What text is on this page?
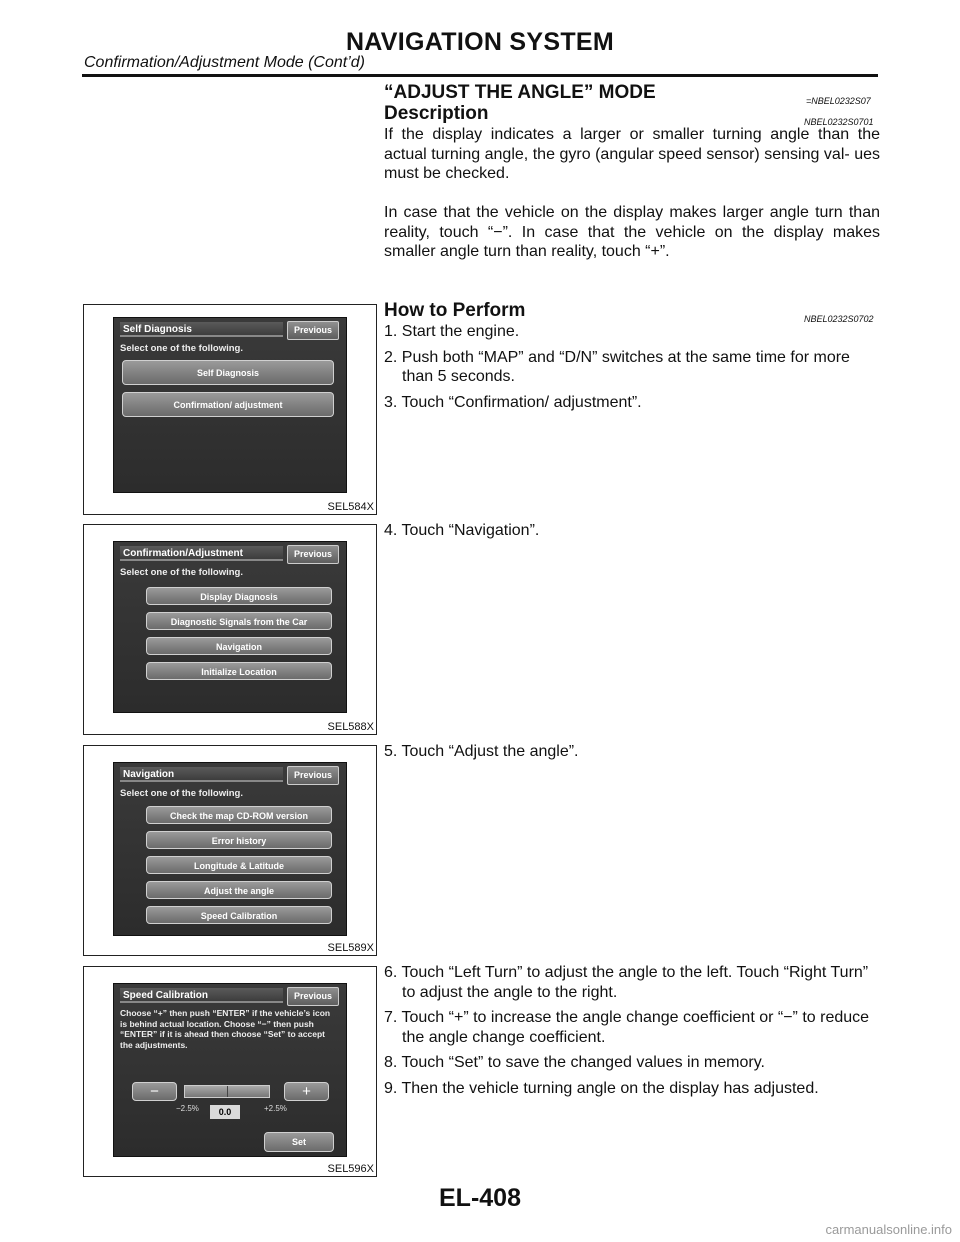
NAVIGATION SYSTEM
Confirmation/Adjustment Mode (Cont’d)
“ADJUST THE ANGLE” MODE	=NBEL0232S07
Description	NBEL0232S0701

If the display indicates a larger or smaller turning angle than the actual turning angle, the gyro (angular speed sensor) sensing val- ues must be checked.

In case that the vehicle on the display makes larger angle turn than reality, touch “−”. In case that the vehicle on the display makes smaller angle turn than reality, touch “+”.

How to Perform	NBEL0232S0702
1. Start the engine.
2. Push both “MAP” and “D/N” switches at the same time for more than 5 seconds.
3. Touch “Confirmation/ adjustment”.
4. Touch “Navigation”.
5. Touch “Adjust the angle”.
6. Touch “Left Turn” to adjust the angle to the left. Touch “Right Turn” to adjust the angle to the right.
7. Touch “+” to increase the angle change coefficient or “−” to reduce the angle change coefficient.
8. Touch “Set” to save the changed values in memory.
9. Then the vehicle turning angle on the display has adjusted.
Self Diagnosis	Previous
Select one of the following.
Self Diagnosis
Confirmation/ adjustment
SEL584X
Confirmation/Adjustment	Previous
Select one of the following.
Display Diagnosis
Diagnostic Signals from the Car
Navigation
Initialize Location
SEL588X
Navigation	Previous
Select one of the following.
Check the map CD-ROM version
Error history
Longitude & Latitude
Adjust the angle
Speed Calibration
SEL589X
Speed Calibration	Previous
Choose “+” then push “ENTER” if the vehicle’s icon is behind actual location. Choose “−” then push “ENTER” if it is ahead then choose “Set” to accept the adjustments.
−	+
−2.5%	0.0	+2.5%
Set
SEL596X
EL-408
carmanualsonline.info
